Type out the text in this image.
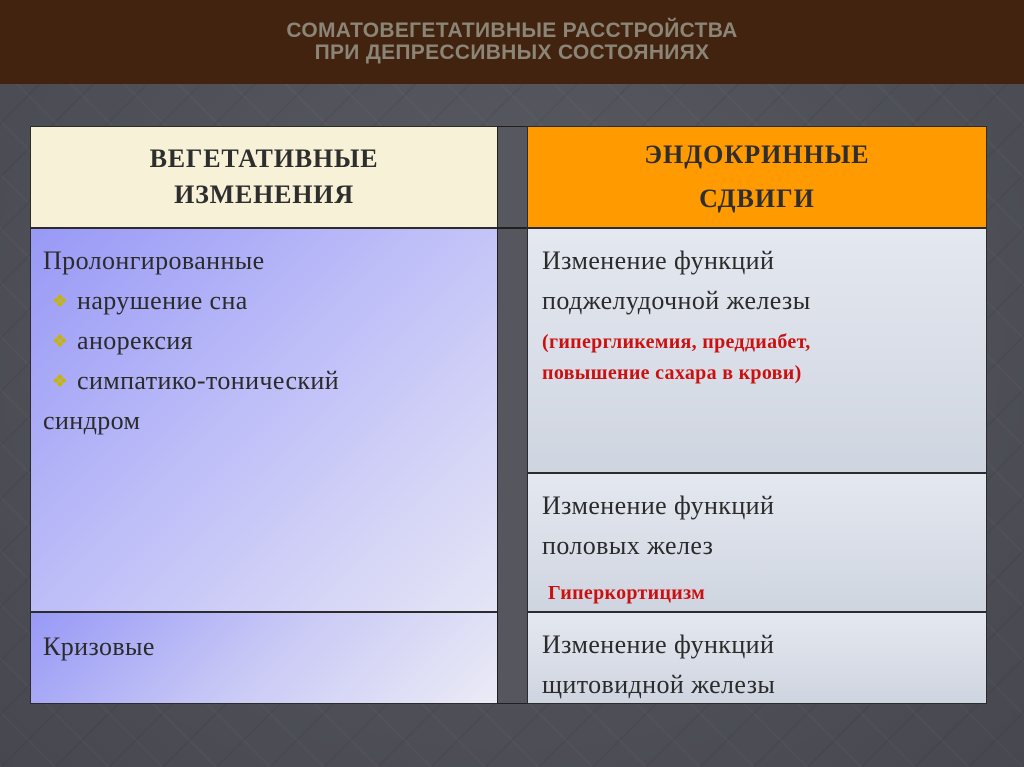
СОМАТОВЕГЕТАТИВНЫЕ РАССТРОЙСТВА
ПРИ ДЕПРЕССИВНЫХ СОСТОЯНИЯХ
ВЕГЕТАТИВНЫЕ
ИЗМЕНЕНИЯ
ЭНДОКРИННЫЕ
СДВИГИ
Пролонгированные
❖ нарушение сна
❖ анорексия
❖ симпатико-тонический
синдром
Кризовые
Изменение функций
поджелудочной железы
(гипергликемия, преддиабет,
повышение сахара в крови)
Изменение функций
половых желез
Гиперкортицизм
Изменение функций
щитовидной железы
